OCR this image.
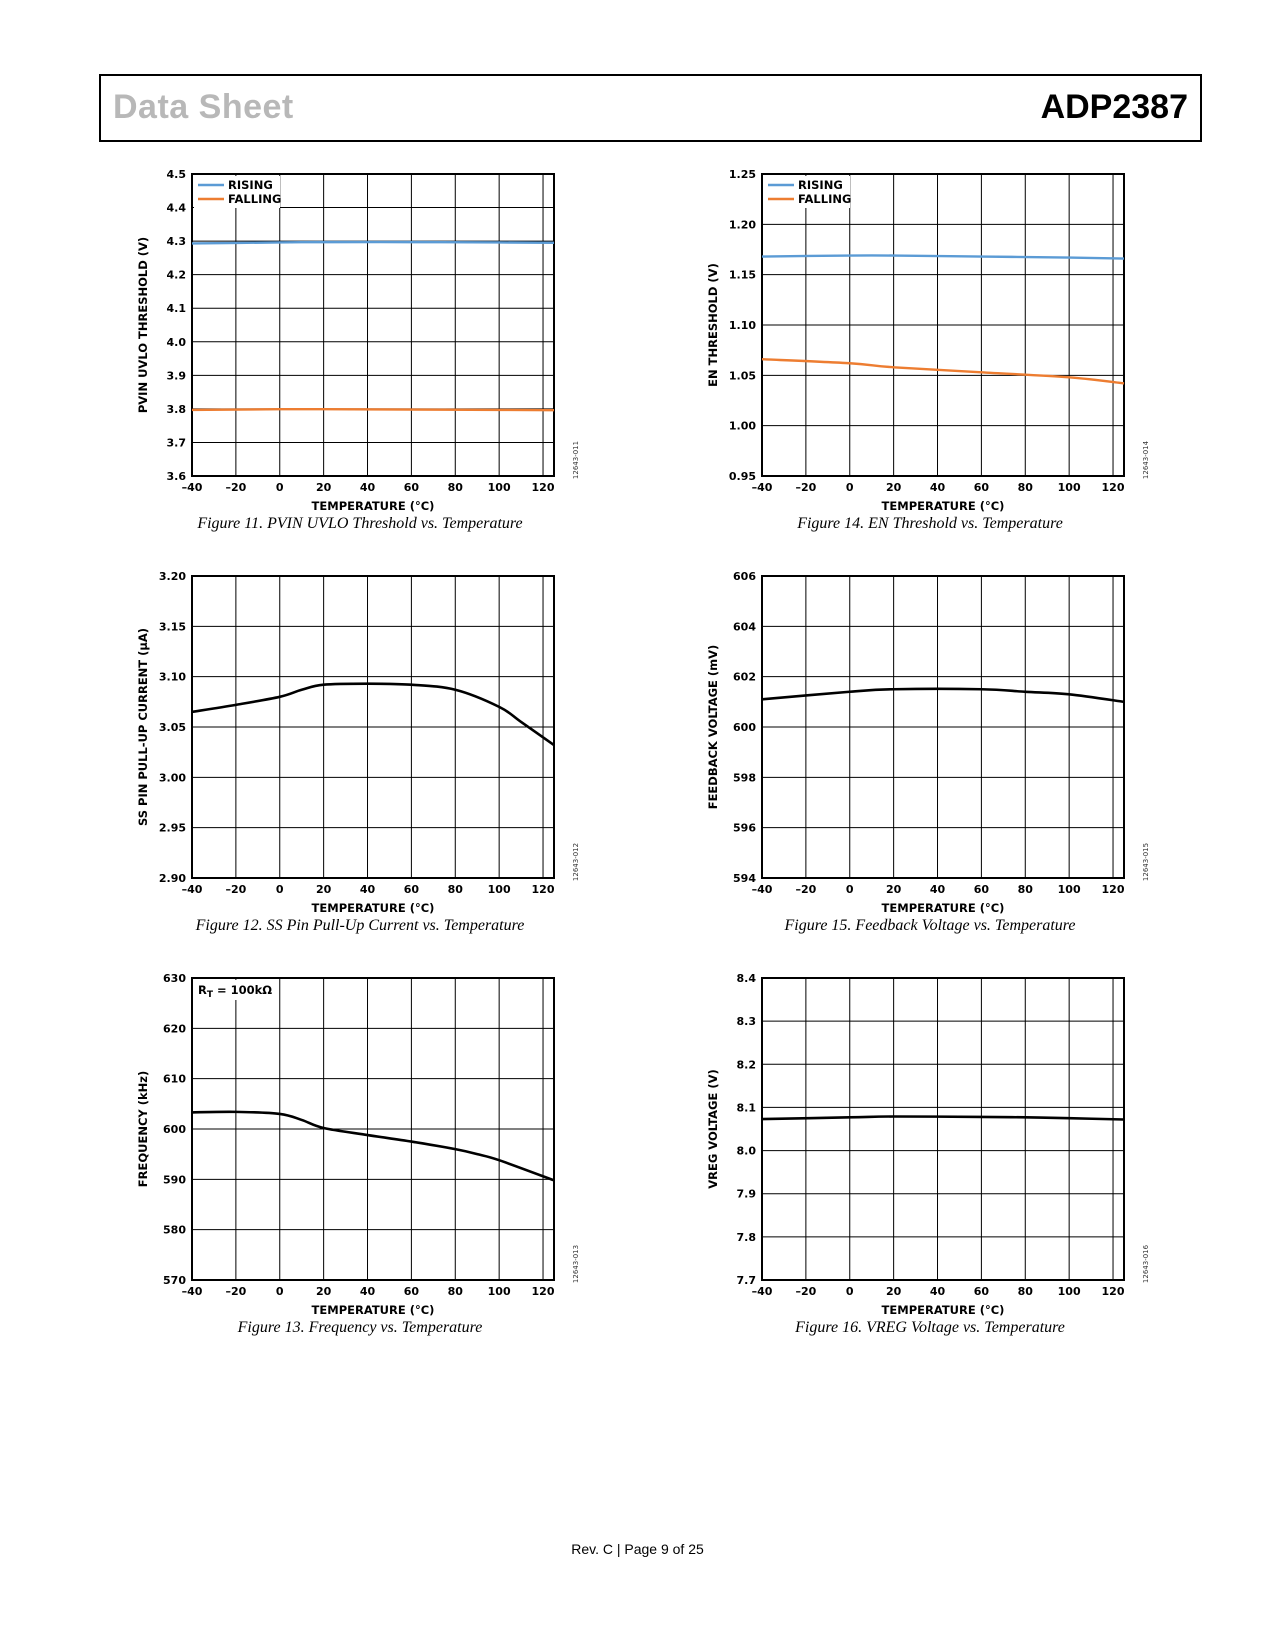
Data Sheet	ADP2387
–40 –20	0	20	40	60	80 100 120
3.6
3.7
3.8
3.9
4.0
4.1
4.2
4.3
4.4
4.5
TEMPERATURE (°C)
PVIN UVLO THRESHOLD (V)
12643-011
RISING
FALLING
Figure 11. PVIN UVLO Threshold vs. Temperature
–40 –20	0	20	40	60	80 100 120
0.95
1.00
1.05
1.10
1.15
1.20
1.25
TEMPERATURE (°C)
EN THRESHOLD (V)
12643-014
RISING
FALLING
Figure 14. EN Threshold vs. Temperature
–40 –20	0	20	40	60	80 100 120
2.90
2.95
3.00
3.05
3.10
3.15
3.20
TEMPERATURE (°C)
SS PIN PULL-UP CURRENT (µA)
12643-012
Figure 12. SS Pin Pull-Up Current vs. Temperature
–40 –20	0	20	40	60	80 100 120
594
596
598
600
602
604
606
TEMPERATURE (°C)
FEEDBACK VOLTAGE (mV)
12643-015
Figure 15. Feedback Voltage vs. Temperature
–40 –20	0	20	40	60	80 100 120
570
580
590
600
610
620
630
TEMPERATURE (°C)
FREQUENCY (kHz)
12643-013
$R_T = 100k\Omega$
Figure 13. Frequency vs. Temperature
–40 –20	0	20	40	60	80 100 120
7.7
7.8
7.9
8.0
8.1
8.2
8.3
8.4
TEMPERATURE (°C)
VREG VOLTAGE (V)
12643-016
Figure 16. VREG Voltage vs. Temperature
Rev. C | Page 9 of 25
